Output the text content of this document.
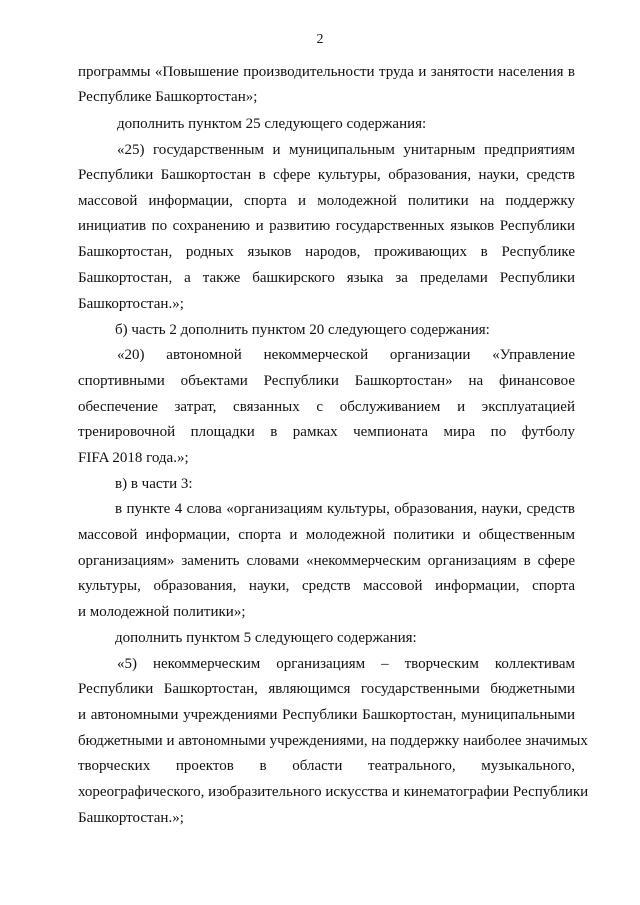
2
программы «Повышение производительности труда и занятости населения в
Республике Башкортостан»;
дополнить пунктом 25 следующего содержания:
«25) государственным и муниципальным унитарным предприятиям
Республики Башкортостан в сфере культуры, образования, науки, средств
массовой информации, спорта и молодежной политики на поддержку
инициатив по сохранению и развитию государственных языков Республики
Башкортостан, родных языков народов, проживающих в Республике
Башкортостан, а также башкирского языка за пределами Республики
Башкортостан.»;
б) часть 2 дополнить пунктом 20 следующего содержания:
«20) автономной некоммерческой организации «Управление
спортивными объектами Республики Башкортостан» на финансовое
обеспечение затрат, связанных с обслуживанием и эксплуатацией
тренировочной площадки в рамках чемпионата мира по футболу
FIFA 2018 года.»;
в) в части 3:
в пункте 4 слова «организациям культуры, образования, науки, средств
массовой информации, спорта и молодежной политики и общественным
организациям» заменить словами «некоммерческим организациям в сфере
культуры, образования, науки, средств массовой информации, спорта
и молодежной политики»;
дополнить пунктом 5 следующего содержания:
«5) некоммерческим организациям – творческим коллективам
Республики Башкортостан, являющимся государственными бюджетными
и автономными учреждениями Республики Башкортостан, муниципальными
бюджетными и автономными учреждениями, на поддержку наиболее значимых
творческих проектов в области театрального, музыкального,
хореографического, изобразительного искусства и кинематографии Республики
Башкортостан.»;
